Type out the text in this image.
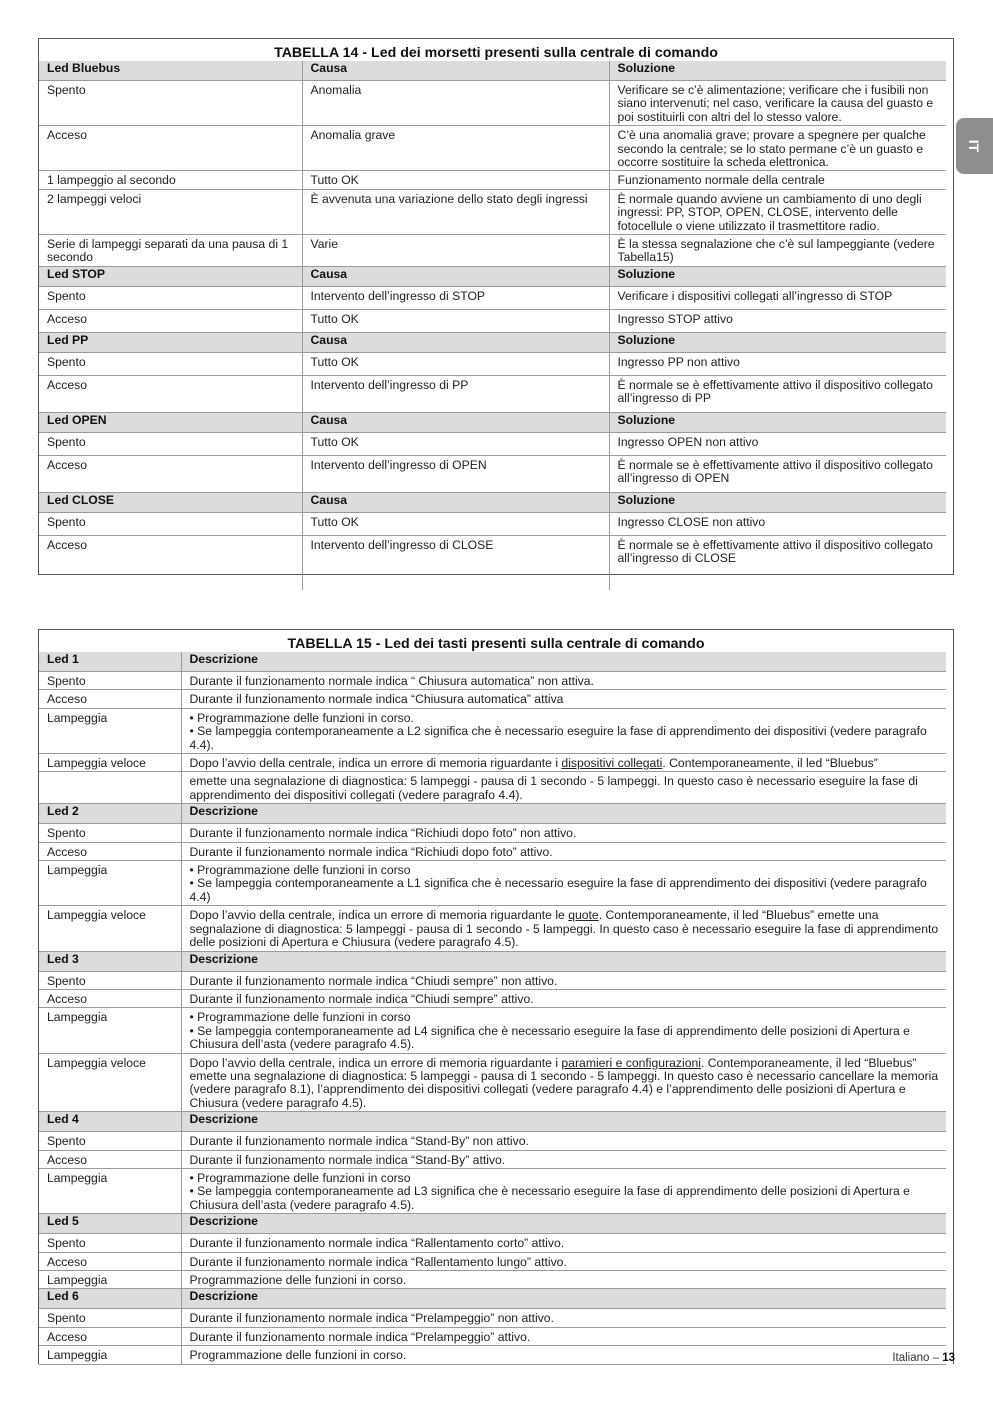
TABELLA 14 - Led dei morsetti presenti sulla centrale di comando
Led Bluebus	Causa	Soluzione
Spento	Anomalia	Verificare se c’è alimentazione; verificare che i fusibili non siano intervenuti; nel caso, verificare la causa del guasto e poi sostituirli con altri del lo stesso valore.
Acceso	Anomalia grave	C’è una anomalia grave; provare a spegnere per qualche secondo la centrale; se lo stato permane c’è un guasto e occorre sostituire la scheda elettronica.
1 lampeggio al secondo	Tutto OK	Funzionamento normale della centrale
2 lampeggi veloci	È avvenuta una variazione dello stato degli ingressi	È normale quando avviene un cambiamento di uno degli ingressi: PP, STOP, OPEN, CLOSE, intervento delle fotocellule o viene utilizzato il trasmettitore radio.
Serie di lampeggi separati da una pausa di 1 secondo	Varie	È la stessa segnalazione che c’è sul lampeggiante (vedere Tabella15)
Led STOP	Causa	Soluzione
Spento	Intervento dell’ingresso di STOP	Verificare i dispositivi collegati all’ingresso di STOP
Acceso	Tutto OK	Ingresso STOP attivo
Led PP	Causa	Soluzione
Spento	Tutto OK	Ingresso PP non attivo
Acceso	Intervento dell’ingresso di PP	È normale se è effettivamente attivo il dispositivo collegato all’ingresso di PP
Led OPEN	Causa	Soluzione
Spento	Tutto OK	Ingresso OPEN non attivo
Acceso	Intervento dell’ingresso di OPEN	È normale se è effettivamente attivo il dispositivo collegato all’ingresso di OPEN
Led CLOSE	Causa	Soluzione
Spento	Tutto OK	Ingresso CLOSE non attivo
Acceso	Intervento dell’ingresso di CLOSE	È normale se è effettivamente attivo il dispositivo collegato all’ingresso di CLOSE
TABELLA 15 - Led dei tasti presenti sulla centrale di comando
Led 1	Descrizione
Spento	Durante il funzionamento normale indica “ Chiusura automatica” non attiva.
Acceso	Durante il funzionamento normale indica “Chiusura automatica” attiva
Lampeggia	• Programmazione delle funzioni in corso.
• Se lampeggia contemporaneamente a L2 significa che è necessario eseguire la fase di apprendimento dei dispositivi (vedere paragrafo 4.4).
Lampeggia veloce	Dopo l’avvio della centrale, indica un errore di memoria riguardante i dispositivi collegati. Contemporaneamente, il led “Bluebus”
	emette una segnalazione di diagnostica: 5 lampeggi - pausa di 1 secondo - 5 lampeggi. In questo caso è necessario eseguire la fase di apprendimento dei dispositivi collegati (vedere paragrafo 4.4).
Led 2	Descrizione
Spento	Durante il funzionamento normale indica “Richiudi dopo foto” non attivo.
Acceso	Durante il funzionamento normale indica “Richiudi dopo foto” attivo.
Lampeggia	• Programmazione delle funzioni in corso
• Se lampeggia contemporaneamente a L1 significa che è necessario eseguire la fase di apprendimento dei dispositivi (vedere paragrafo 4.4)
Lampeggia veloce	Dopo l’avvio della centrale, indica un errore di memoria riguardante le quote. Contemporaneamente, il led “Bluebus” emette una segnalazione di diagnostica: 5 lampeggi - pausa di 1 secondo - 5 lampeggi. In questo caso è necessario eseguire la fase di apprendimento delle posizioni di Apertura e Chiusura (vedere paragrafo 4.5).
Led 3	Descrizione
Spento	Durante il funzionamento normale indica “Chiudi sempre” non attivo.
Acceso	Durante il funzionamento normale indica “Chiudi sempre” attivo.
Lampeggia	• Programmazione delle funzioni in corso
• Se lampeggia contemporaneamente ad L4 significa che è necessario eseguire la fase di apprendimento delle posizioni di Apertura e Chiusura dell’asta (vedere paragrafo 4.5).
Lampeggia veloce	Dopo l’avvio della centrale, indica un errore di memoria riguardante i paramieri e configurazioni. Contemporaneamente, il led “Bluebus” emette una segnalazione di diagnostica: 5 lampeggi - pausa di 1 secondo - 5 lampeggi. In questo caso è necessario cancellare la memoria (vedere paragrafo 8.1), l’apprendimento dei dispositivi collegati (vedere paragrafo 4.4) e l’apprendimento delle posizioni di Apertura e Chiusura (vedere paragrafo 4.5).
Led 4	Descrizione
Spento	Durante il funzionamento normale indica “Stand-By” non attivo.
Acceso	Durante il funzionamento normale indica “Stand-By” attivo.
Lampeggia	• Programmazione delle funzioni in corso
• Se lampeggia contemporaneamente ad L3 significa che è necessario eseguire la fase di apprendimento delle posizioni di Apertura e Chiusura dell’asta (vedere paragrafo 4.5).
Led 5	Descrizione
Spento	Durante il funzionamento normale indica “Rallentamento corto” attivo.
Acceso	Durante il funzionamento normale indica “Rallentamento lungo” attivo.
Lampeggia	Programmazione delle funzioni in corso.
Led 6	Descrizione
Spento	Durante il funzionamento normale indica “Prelampeggio” non attivo.
Acceso	Durante il funzionamento normale indica “Prelampeggio” attivo.
Lampeggia	Programmazione delle funzioni in corso.
IT
Italiano – 13
